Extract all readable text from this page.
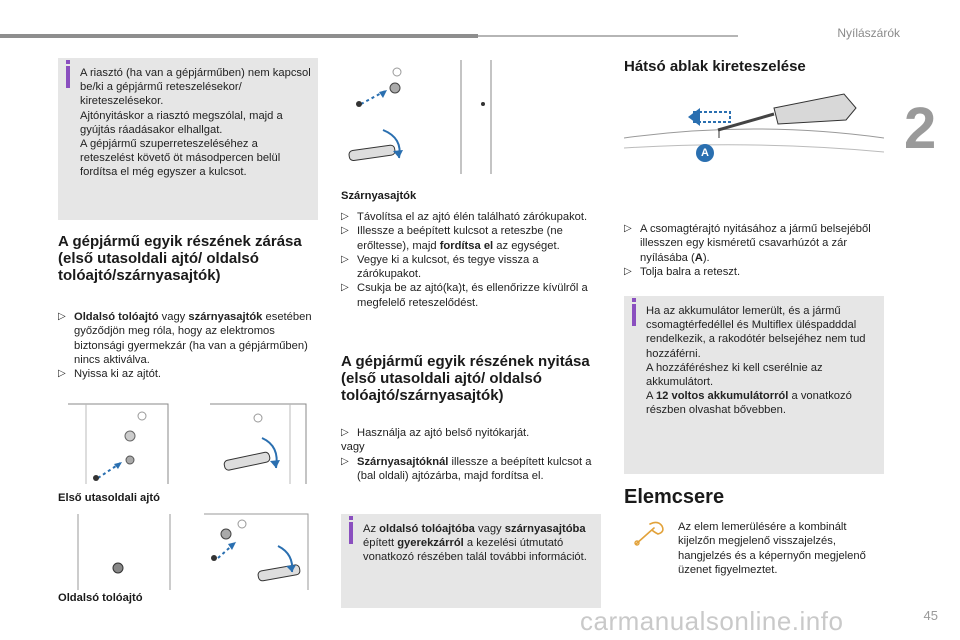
Nyílászárók
2

A riasztó (ha van a gépjárműben) nem kapcsol be/ki a gépjármű reteszelésekor/ kireteszelésekor.

Ajtónyitáskor a riasztó megszólal, majd a gyújtás ráadásakor elhallgat.

A gépjármű szuperreteszeléséhez a reteszelést követő öt másodpercen belül fordítsa el még egyszer a kulcsot.

A gépjármű egyik részének zárása (első utasoldali ajtó/ oldalsó tolóajtó/szárnyasajtók)
▷ Oldalsó tolóajtó vagy szárnyasajtók esetében győződjön meg róla, hogy az elektromos biztonsági gyermekzár (ha van a gépjárműben) nincs aktiválva.
▷ Nyissa ki az ajtót.
Első utasoldali ajtó
Oldalsó tolóajtó
Szárnyasajtók
▷ Távolítsa el az ajtó élén található zárókupakot.
▷ Illessze a beépített kulcsot a reteszbe (ne erőltesse), majd fordítsa el az egységet.
▷ Vegye ki a kulcsot, és tegye vissza a zárókupakot.
▷ Csukja be az ajtó(ka)t, és ellenőrizze kívülről a megfelelő reteszelődést.
A gépjármű egyik részének nyitása (első utasoldali ajtó/ oldalsó tolóajtó/szárnyasajtók)
▷ Használja az ajtó belső nyitókarját.
vagy
▷ Szárnyasajtóknál illessze a beépített kulcsot a (bal oldali) ajtózárba, majd fordítsa el.
Az oldalsó tolóajtóba vagy szárnyasajtóba épített gyerekzárról a kezelési útmutató vonatkozó részében talál további információt.
Hátsó ablak kireteszelése
A
▷ A csomagtérajtó nyitásához a jármű belsejéből illesszen egy kisméretű csavarhúzót a zár nyílásába (A).
▷ Tolja balra a reteszt.

Ha az akkumulátor lemerült, és a jármű csomagtérfedéllel és Multiflex üléspadddal rendelkezik, a rakodótér belsejéhez nem tud hozzáférni.

A hozzáféréshez ki kell cserélnie az akkumulátort.

A 12 voltos akkumulátorról a vonatkozó részben olvashat bővebben.

Elemcsere
Az elem lemerülésére a kombinált kijelzőn megjelenő visszajelzés, hangjelzés és a képernyőn megjelenő üzenet figyelmeztet.
carmanualsonline.info	45
